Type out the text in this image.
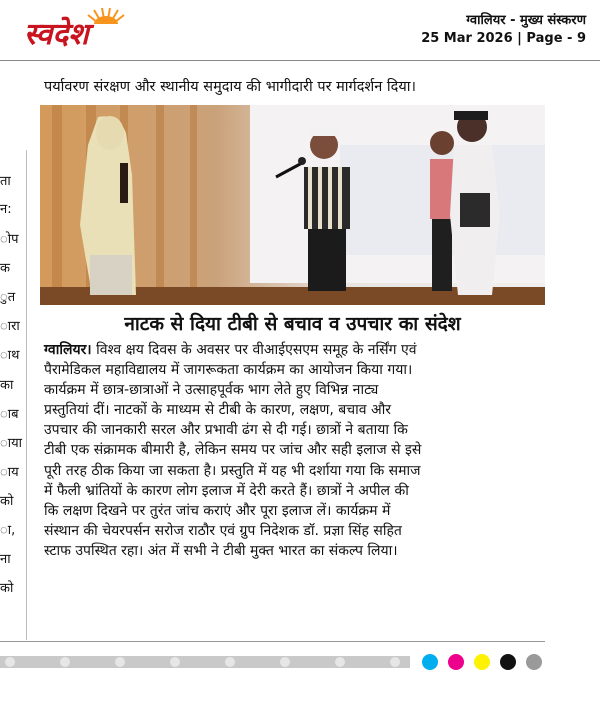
स्वदेश	ग्वालियर - मुख्य संस्करण
25 Mar 2026 | Page - 9
पर्यावरण संरक्षण और स्थानीय समुदाय की भागीदारी पर मार्गदर्शन दिया।
ता
न:
ोप
क
ुत
ारा
ाथ
का
ाब
ाया
ाय
को
ा,
ना
को
नाटक से दिया टीबी से बचाव व उपचार का संदेश
ग्वालियर। विश्व क्षय दिवस के अवसर पर वीआईएसएम समूह के नर्सिंग एवं
पैरामेडिकल महाविद्यालय में जागरूकता कार्यक्रम का आयोजन किया गया।
कार्यक्रम में छात्र-छात्राओं ने उत्साहपूर्वक भाग लेते हुए विभिन्न नाट्य
प्रस्तुतियां दीं। नाटकों के माध्यम से टीबी के कारण, लक्षण, बचाव और
उपचार की जानकारी सरल और प्रभावी ढंग से दी गई। छात्रों ने बताया कि
टीबी एक संक्रामक बीमारी है, लेकिन समय पर जांच और सही इलाज से इसे
पूरी तरह ठीक किया जा सकता है। प्रस्तुति में यह भी दर्शाया गया कि समाज
में फैली भ्रांतियों के कारण लोग इलाज में देरी करते हैं। छात्रों ने अपील की
कि लक्षण दिखने पर तुरंत जांच कराएं और पूरा इलाज लें। कार्यक्रम में
संस्थान की चेयरपर्सन सरोज राठौर एवं ग्रुप निदेशक डॉ. प्रज्ञा सिंह सहित
स्टाफ उपस्थित रहा। अंत में सभी ने टीबी मुक्त भारत का संकल्प लिया।
